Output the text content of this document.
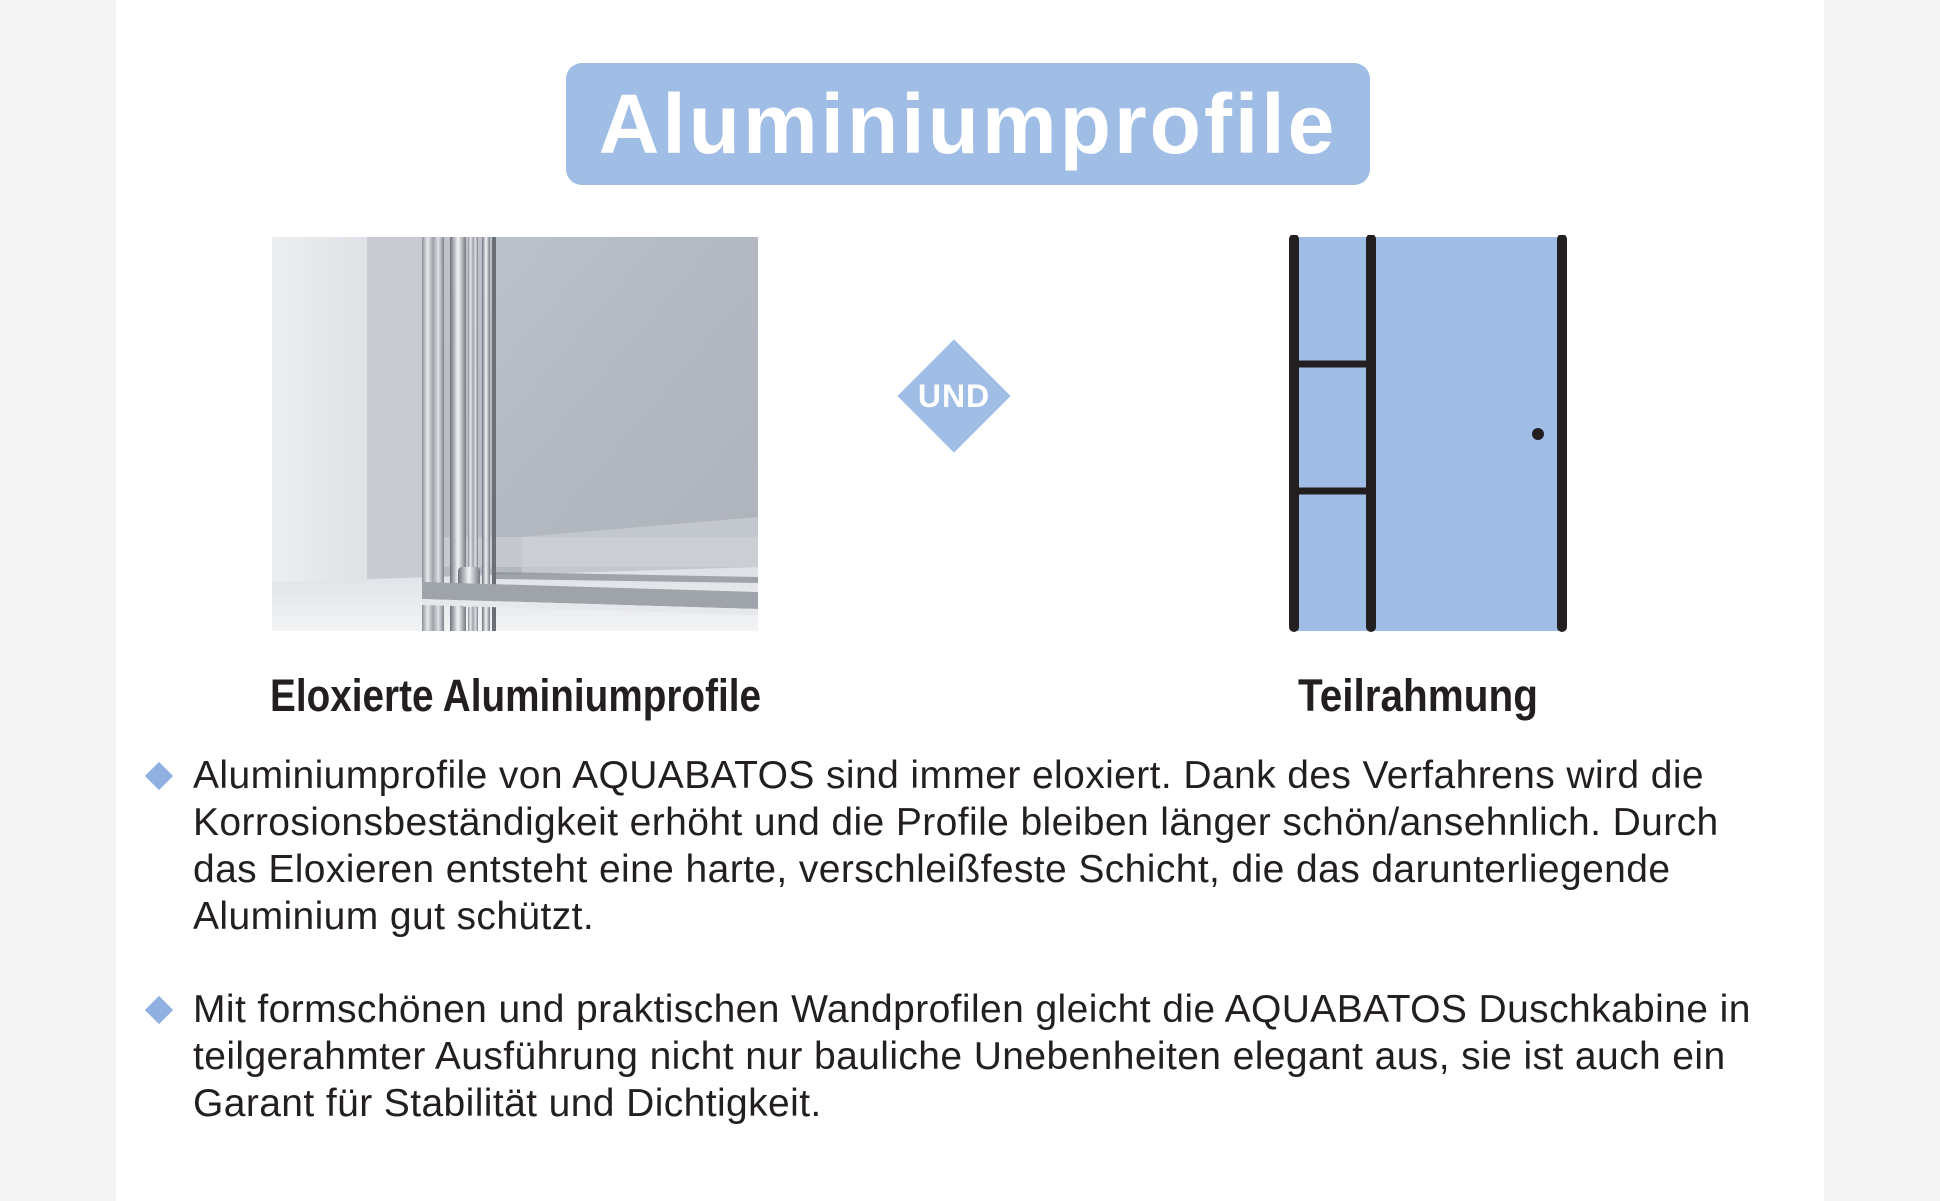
Aluminiumprofile
UND
Eloxierte Aluminiumprofile	Teilrahmung
Aluminiumprofile von AQUABATOS sind immer eloxiert. Dank des Verfahrens wird die Korrosionsbeständigkeit erhöht und die Profile bleiben länger schön/ansehnlich. Durch das Eloxieren entsteht eine harte, verschleißfeste Schicht, die das darunterliegende Aluminium gut schützt.
Mit formschönen und praktischen Wandprofilen gleicht die AQUABATOS Duschkabine in teilgerahmter Ausführung nicht nur bauliche Unebenheiten elegant aus, sie ist auch ein Garant für Stabilität und Dichtigkeit.
